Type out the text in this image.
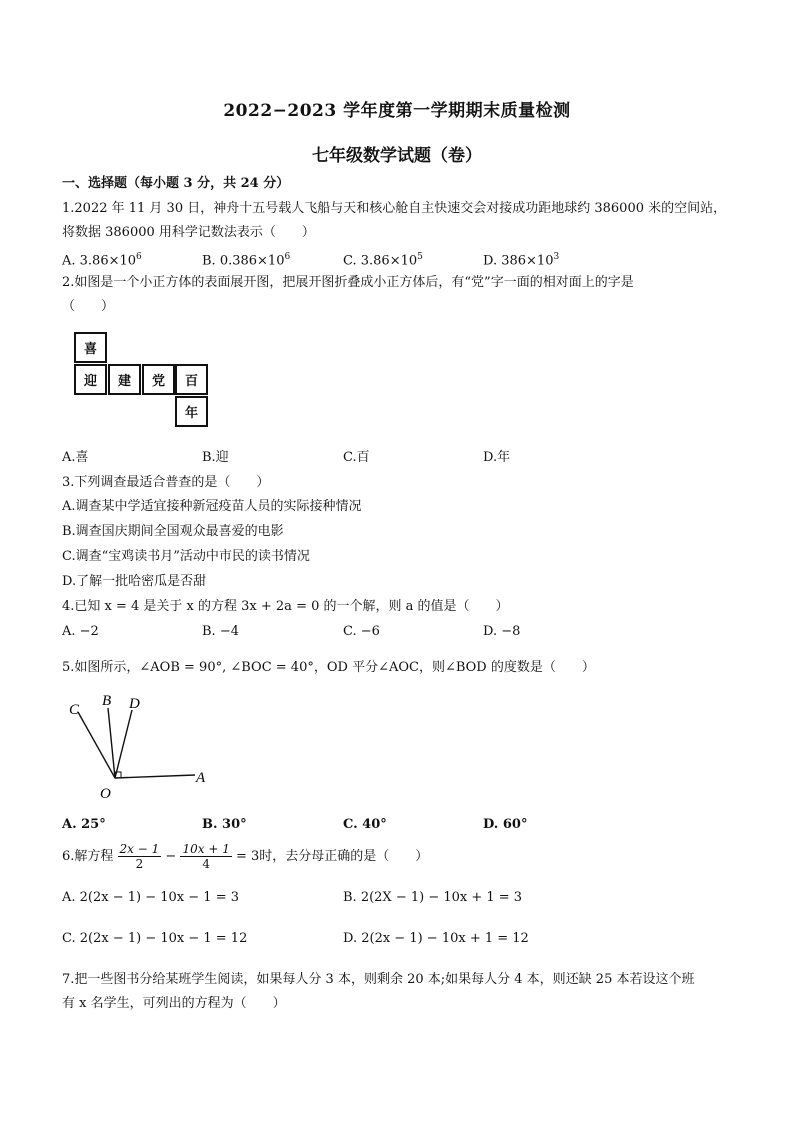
2022−2023 学年度第一学期期末质量检测
七年级数学试题（卷）
一、选择题（每小题 3 分，共 24 分）
1.2022 年 11 月 30 日，神舟十五号载人飞船与天和核心舱自主快速交会对接成功距地球约 386000 米的空间站，
将数据 386000 用科学记数法表示（　　）
A. $3.86\times 10^6$	B. $0.386\times 10^6$	C. $3.86\times 10^5$	D. $386\times 10^3$
2.如图是一个小正方体的表面展开图，把展开图折叠成小正方体后，有“党”字一面的相对面上的字是
（　　）
喜
迎	建	党	百
年
A.喜	B.迎	C.百	D.年
3.下列调查最适合普查的是（　　）
A.调查某中学适宜接种新冠疫苗人员的实际接种情况
B.调查国庆期间全国观众最喜爱的电影
C.调查“宝鸡读书月”活动中市民的读书情况
D.了解一批哈密瓜是否甜
4.已知 x = 4 是关于 x 的方程 3x + 2a = 0 的一个解，则 a 的值是（　　）
A. −2	B. −4	C. −6	D. −8
5.如图所示，∠AOB = 90°, ∠BOC = 40°，OD 平分∠AOC，则∠BOD 的度数是（　　）
C
B D
O
A
A. 25°	B. 30°	C. 40°	D. 60°
6.解方程 $\frac{2x - 1}{2} - \frac{10x + 1}{4} = 3$时，去分母正确的是（　　）
A. 2(2x − 1) − 10x − 1 = 3	B. 2(2X − 1) − 10x + 1 = 3
C. 2(2x − 1) − 10x − 1 = 12	D. 2(2x − 1) − 10x + 1 = 12
7.把一些图书分给某班学生阅读，如果每人分 3 本，则剩余 20 本;如果每人分 4 本，则还缺 25 本若设这个班
有 x 名学生，可列出的方程为（　　）
